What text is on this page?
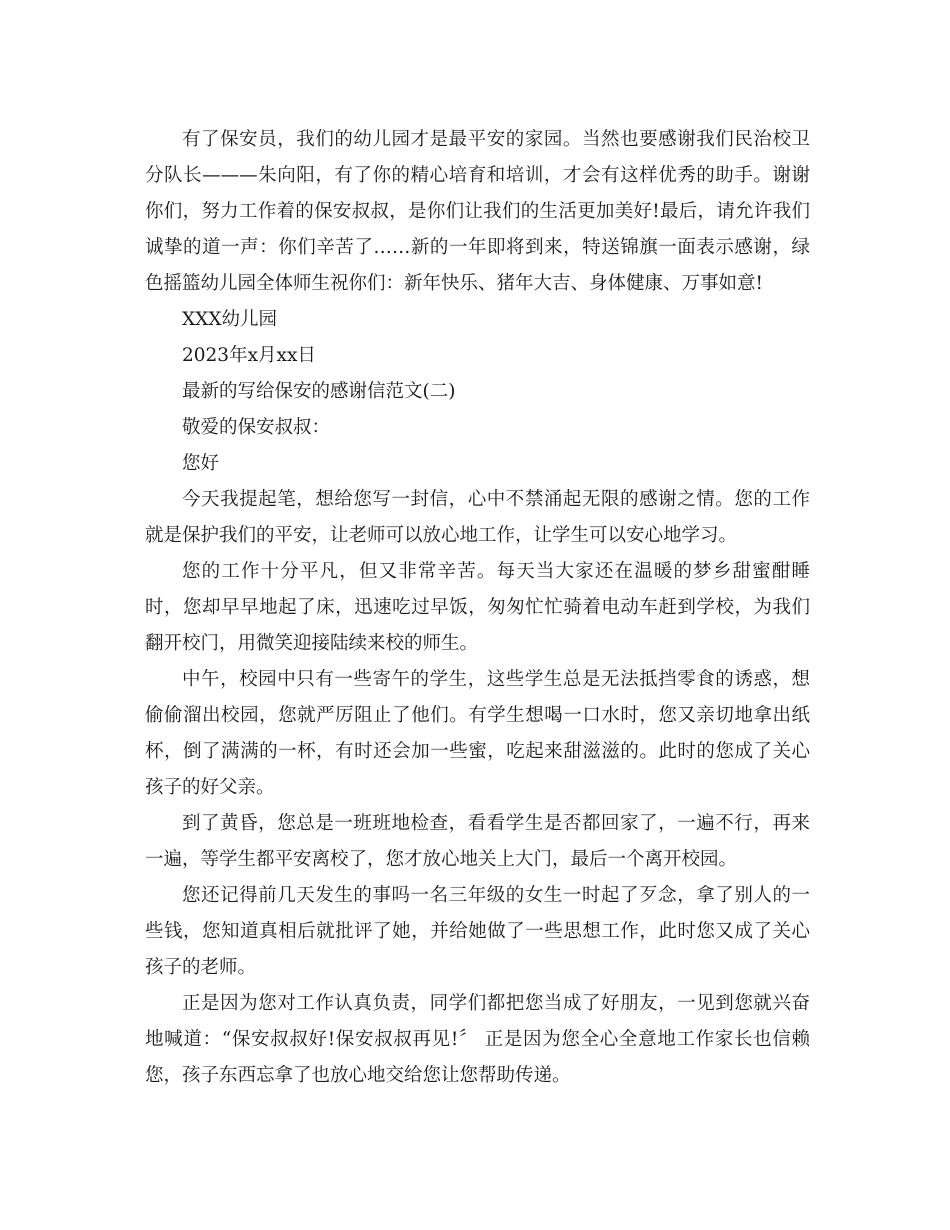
有了保安员，我们的幼儿园才是最平安的家园。当然也要感谢我们民治校卫分队长———朱向阳，有了你的精心培育和培训，才会有这样优秀的助手。谢谢你们，努力工作着的保安叔叔，是你们让我们的生活更加美好!最后，请允许我们诚挚的道一声：你们辛苦了……新的一年即将到来，特送锦旗一面表示感谢，绿色摇篮幼儿园全体师生祝你们：新年快乐、猪年大吉、身体健康、万事如意!

XXX幼儿园

2023年x月xx日

最新的写给保安的感谢信范文(二)

敬爱的保安叔叔：

您好

今天我提起笔，想给您写一封信，心中不禁涌起无限的感谢之情。您的工作就是保护我们的平安，让老师可以放心地工作，让学生可以安心地学习。

您的工作十分平凡，但又非常辛苦。每天当大家还在温暖的梦乡甜蜜酣睡时，您却早早地起了床，迅速吃过早饭，匆匆忙忙骑着电动车赶到学校，为我们翻开校门，用微笑迎接陆续来校的师生。

中午，校园中只有一些寄午的学生，这些学生总是无法抵挡零食的诱惑，想偷偷溜出校园，您就严厉阻止了他们。有学生想喝一口水时，您又亲切地拿出纸杯，倒了满满的一杯，有时还会加一些蜜，吃起来甜滋滋的。此时的您成了关心孩子的好父亲。

到了黄昏，您总是一班班地检查，看看学生是否都回家了，一遍不行，再来一遍，等学生都平安离校了，您才放心地关上大门，最后一个离开校园。

您还记得前几天发生的事吗一名三年级的女生一时起了歹念，拿了别人的一些钱，您知道真相后就批评了她，并给她做了一些思想工作，此时您又成了关心孩子的老师。

正是因为您对工作认真负责，同学们都把您当成了好朋友，一见到您就兴奋地喊道：“保安叔叔好!保安叔叔再见!〞 正是因为您全心全意地工作家长也信赖您，孩子东西忘拿了也放心地交给您让您帮助传递。
